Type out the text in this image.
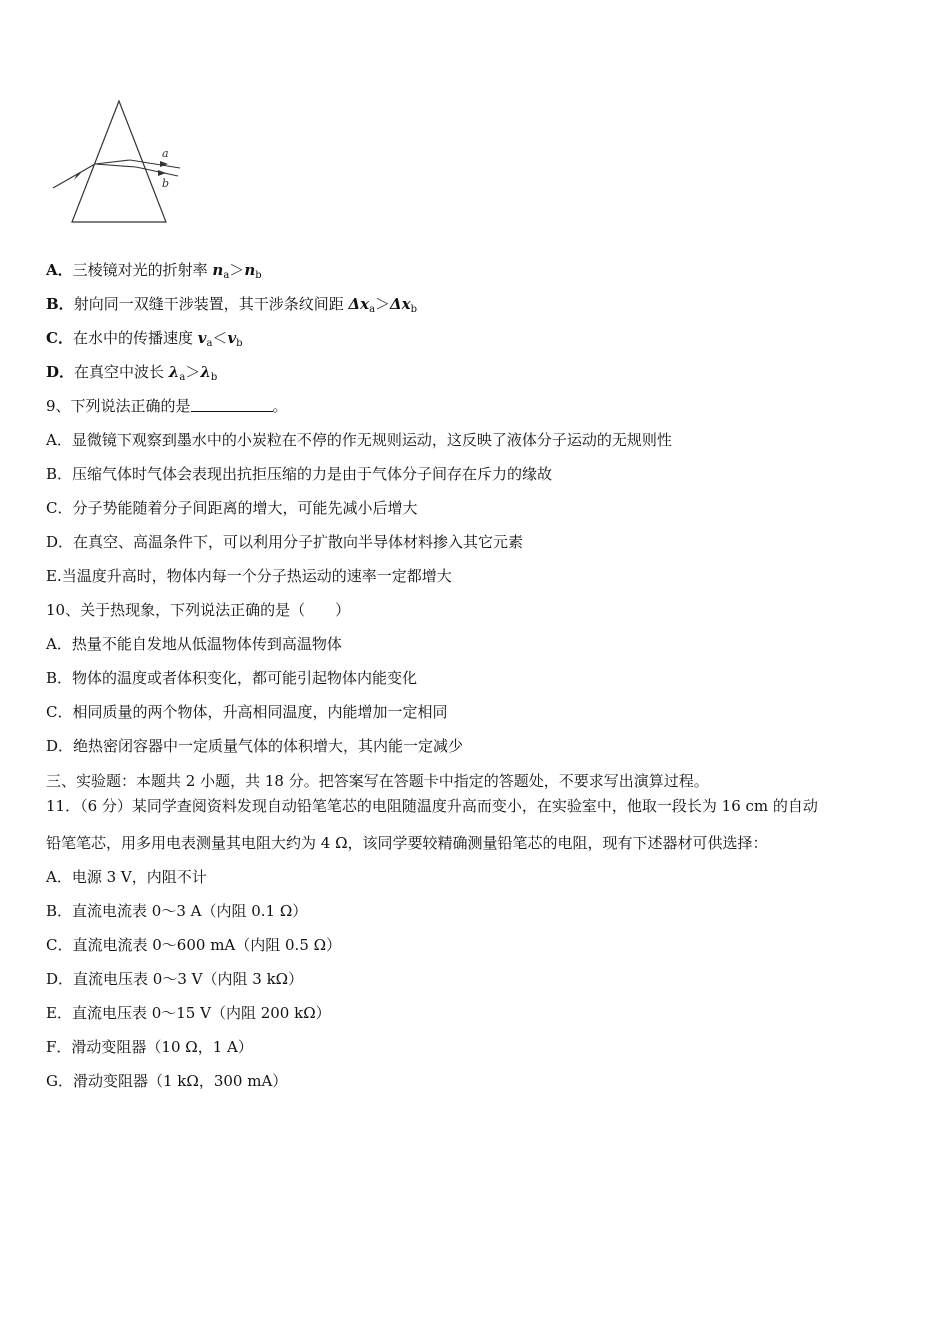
a
b
A．三棱镜对光的折射率 $n_a>n_b$
B．射向同一双缝干涉装置，其干涉条纹间距 $\Delta x_a>\Delta x_b$
C．在水中的传播速度 $v_a<v_b$
D．在真空中波长 $\lambda_a>\lambda_b$
9、下列说法正确的是	。
A．显微镜下观察到墨水中的小炭粒在不停的作无规则运动，这反映了液体分子运动的无规则性
B．压缩气体时气体会表现出抗拒压缩的力是由于气体分子间存在斥力的缘故
C．分子势能随着分子间距离的增大，可能先减小后增大
D．在真空、高温条件下，可以利用分子扩散向半导体材料掺入其它元素
E.当温度升高时，物体内每一个分子热运动的速率一定都增大
10、关于热现象，下列说法正确的是（　　）
A．热量不能自发地从低温物体传到高温物体
B．物体的温度或者体积变化，都可能引起物体内能变化
C．相同质量的两个物体，升高相同温度，内能增加一定相同
D．绝热密闭容器中一定质量气体的体积增大，其内能一定减少
三、实验题：本题共 2 小题，共 18 分。把答案写在答题卡中指定的答题处，不要求写出演算过程。
11．（6 分）某同学查阅资料发现自动铅笔笔芯的电阻随温度升高而变小，在实验室中，他取一段长为 16 cm 的自动
铅笔笔芯，用多用电表测量其电阻大约为 4 Ω，该同学要较精确测量铅笔芯的电阻，现有下述器材可供选择：
A．电源 3 V，内阻不计
B．直流电流表 0～3 A（内阻 0.1 Ω）
C．直流电流表 0～600 mA（内阻 0.5 Ω）
D．直流电压表 0～3 V（内阻 3 kΩ）
E．直流电压表 0～15 V（内阻 200 kΩ）
F．滑动变阻器（10 Ω，1 A）
G．滑动变阻器（1 kΩ，300 mA）
